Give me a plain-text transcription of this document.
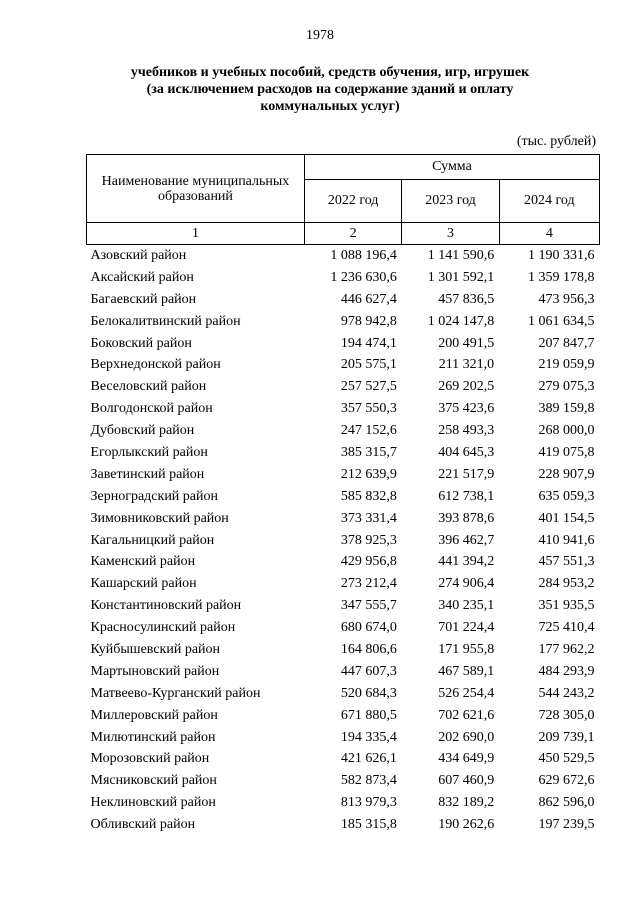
1978
учебников и учебных пособий, средств обучения, игр, игрушек
(за исключением расходов на содержание зданий и оплату
коммунальных услуг)
(тыс. рублей)
Наименование муниципальных образований	Сумма		
	2022 год	2023 год	2024 год
1	2	3	4
Азовский район	1 088 196,4	1 141 590,6	1 190 331,6
Аксайский район	1 236 630,6	1 301 592,1	1 359 178,8
Багаевский район	446 627,4	457 836,5	473 956,3
Белокалитвинский район	978 942,8	1 024 147,8	1 061 634,5
Боковский район	194 474,1	200 491,5	207 847,7
Верхнедонской район	205 575,1	211 321,0	219 059,9
Веселовский район	257 527,5	269 202,5	279 075,3
Волгодонской район	357 550,3	375 423,6	389 159,8
Дубовский район	247 152,6	258 493,3	268 000,0
Егорлыкский район	385 315,7	404 645,3	419 075,8
Заветинский район	212 639,9	221 517,9	228 907,9
Зерноградский район	585 832,8	612 738,1	635 059,3
Зимовниковский район	373 331,4	393 878,6	401 154,5
Кагальницкий район	378 925,3	396 462,7	410 941,6
Каменский район	429 956,8	441 394,2	457 551,3
Кашарский район	273 212,4	274 906,4	284 953,2
Константиновский район	347 555,7	340 235,1	351 935,5
Красносулинский район	680 674,0	701 224,4	725 410,4
Куйбышевский район	164 806,6	171 955,8	177 962,2
Мартыновский район	447 607,3	467 589,1	484 293,9
Матвеево-Курганский район	520 684,3	526 254,4	544 243,2
Миллеровский район	671 880,5	702 621,6	728 305,0
Милютинский район	194 335,4	202 690,0	209 739,1
Морозовский район	421 626,1	434 649,9	450 529,5
Мясниковский район	582 873,4	607 460,9	629 672,6
Неклиновский район	813 979,3	832 189,2	862 596,0
Обливский район	185 315,8	190 262,6	197 239,5
